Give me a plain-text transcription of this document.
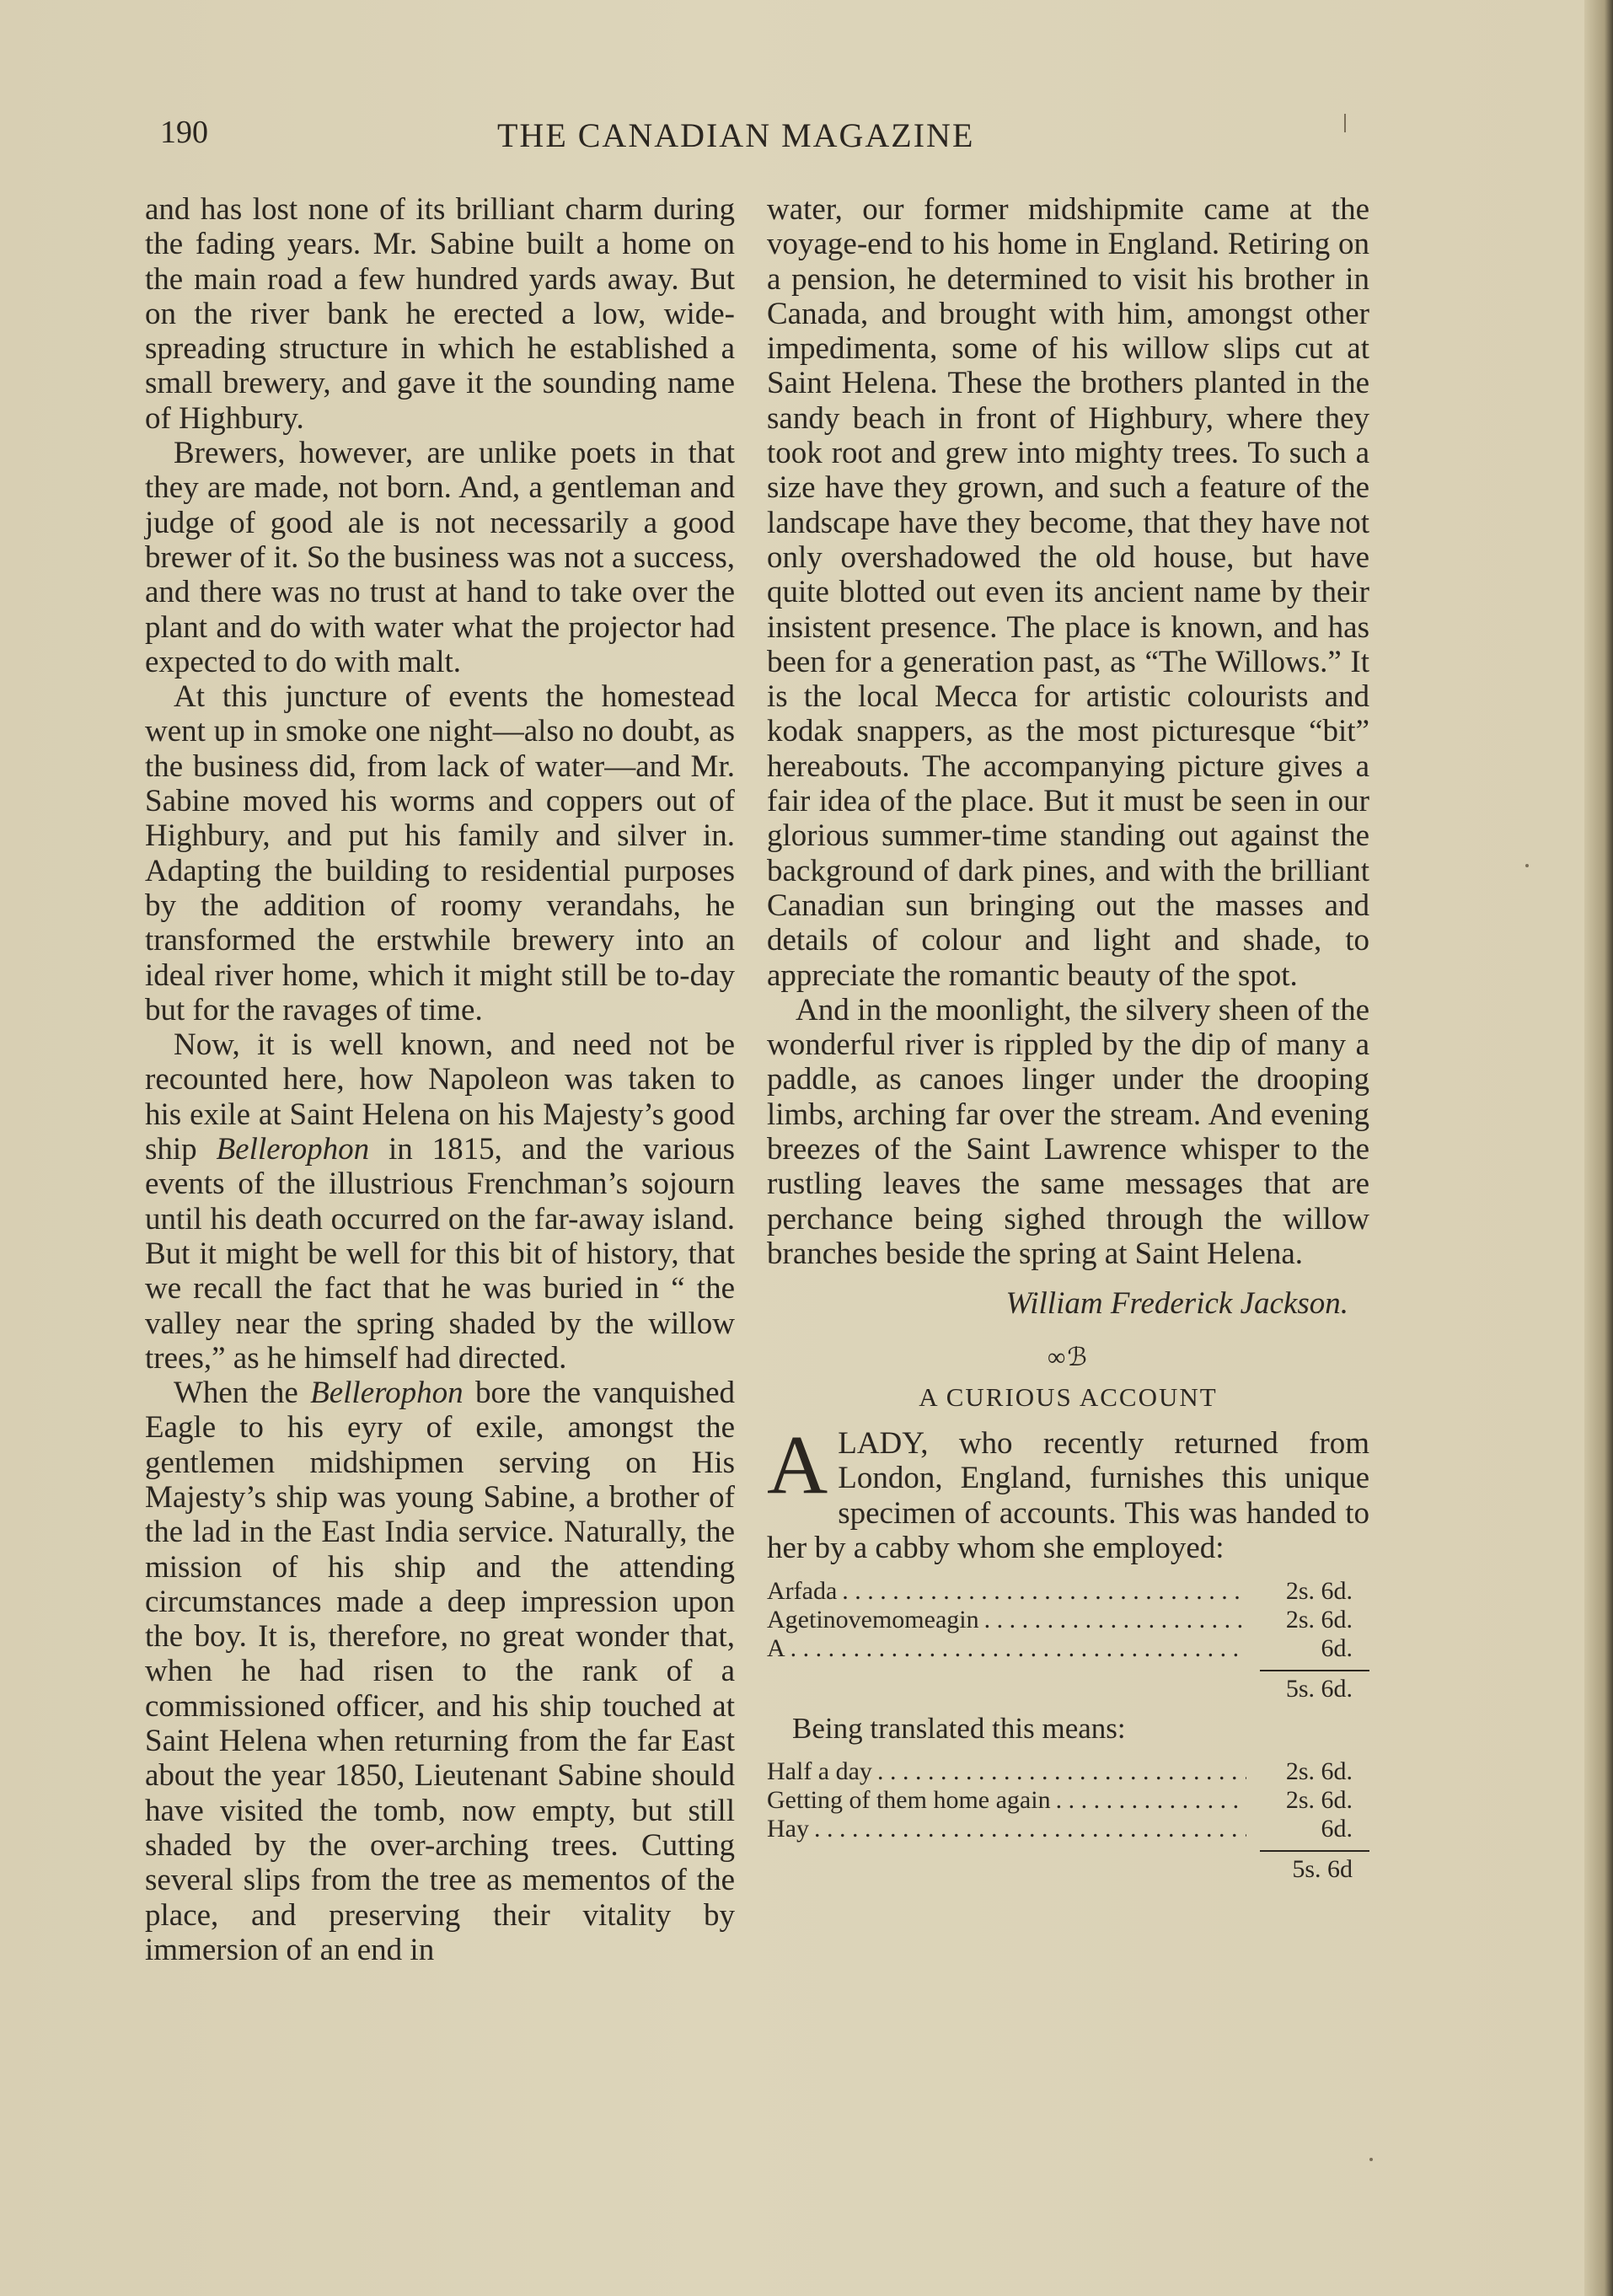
190	THE CANADIAN MAGAZINE

and has lost none of its brilliant charm during the fading years. Mr. Sabine built a home on the main road a few hundred yards away. But on the river bank he erected a low, wide-spreading structure in which he established a small brewery, and gave it the sounding name of Highbury.

Brewers, however, are unlike poets in that they are made, not born. And, a gentleman and judge of good ale is not necessarily a good brewer of it. So the business was not a success, and there was no trust at hand to take over the plant and do with water what the projector had expected to do with malt.

At this juncture of events the homestead went up in smoke one night—also no doubt, as the business did, from lack of water—and Mr. Sabine moved his worms and coppers out of Highbury, and put his family and silver in. Adapting the building to residential purposes by the addition of roomy verandahs, he transformed the erstwhile brewery into an ideal river home, which it might still be to-day but for the ravages of time.

Now, it is well known, and need not be recounted here, how Napoleon was taken to his exile at Saint Helena on his Majesty’s good ship Bellerophon in 1815, and the various events of the illustrious Frenchman’s sojourn until his death occurred on the far-away island. But it might be well for this bit of history, that we recall the fact that he was buried in “ the valley near the spring shaded by the willow trees,” as he himself had directed.

When the Bellerophon bore the vanquished Eagle to his eyry of exile, amongst the gentlemen midshipmen serving on His Majesty’s ship was young Sabine, a brother of the lad in the East India service. Naturally, the mission of his ship and the attending circumstances made a deep impression upon the boy. It is, therefore, no great wonder that, when he had risen to the rank of a commissioned officer, and his ship touched at Saint Helena when returning from the far East about the year 1850, Lieutenant Sabine should have visited the tomb, now empty, but still shaded by the over-arching trees. Cutting several slips from the tree as mementos of the place, and preserving their vitality by immersion of an end in

water, our former midshipmite came at the voyage-end to his home in England. Retiring on a pension, he determined to visit his brother in Canada, and brought with him, amongst other impedimenta, some of his willow slips cut at Saint Helena. These the brothers planted in the sandy beach in front of Highbury, where they took root and grew into mighty trees. To such a size have they grown, and such a feature of the landscape have they become, that they have not only overshadowed the old house, but have quite blotted out even its ancient name by their insistent presence. The place is known, and has been for a generation past, as “The Willows.” It is the local Mecca for artistic colourists and kodak snappers, as the most picturesque “bit” hereabouts. The accompanying picture gives a fair idea of the place. But it must be seen in our glorious summer-time standing out against the background of dark pines, and with the brilliant Canadian sun bringing out the masses and details of colour and light and shade, to appreciate the romantic beauty of the spot.

And in the moonlight, the silvery sheen of the wonderful river is rippled by the dip of many a paddle, as canoes linger under the drooping limbs, arching far over the stream. And evening breezes of the Saint Lawrence whisper to the rustling leaves the same messages that are perchance being sighed through the willow branches beside the spring at Saint Helena.

William Frederick Jackson.
∞ℬ
A CURIOUS ACCOUNT

ALADY, who recently returned from London, England, furnishes this unique specimen of accounts. This was handed to her by a cabby whom she employed:

Arfada . . .	2s. 6d.
Agetinovemomeagin . . .	2s. 6d.
A . . .	6d.
5s. 6d.
Being translated this means:
Half a day . . .	2s. 6d.
Getting of them home again . . .	2s. 6d.
Hay . . .	6d.
5s. 6d
